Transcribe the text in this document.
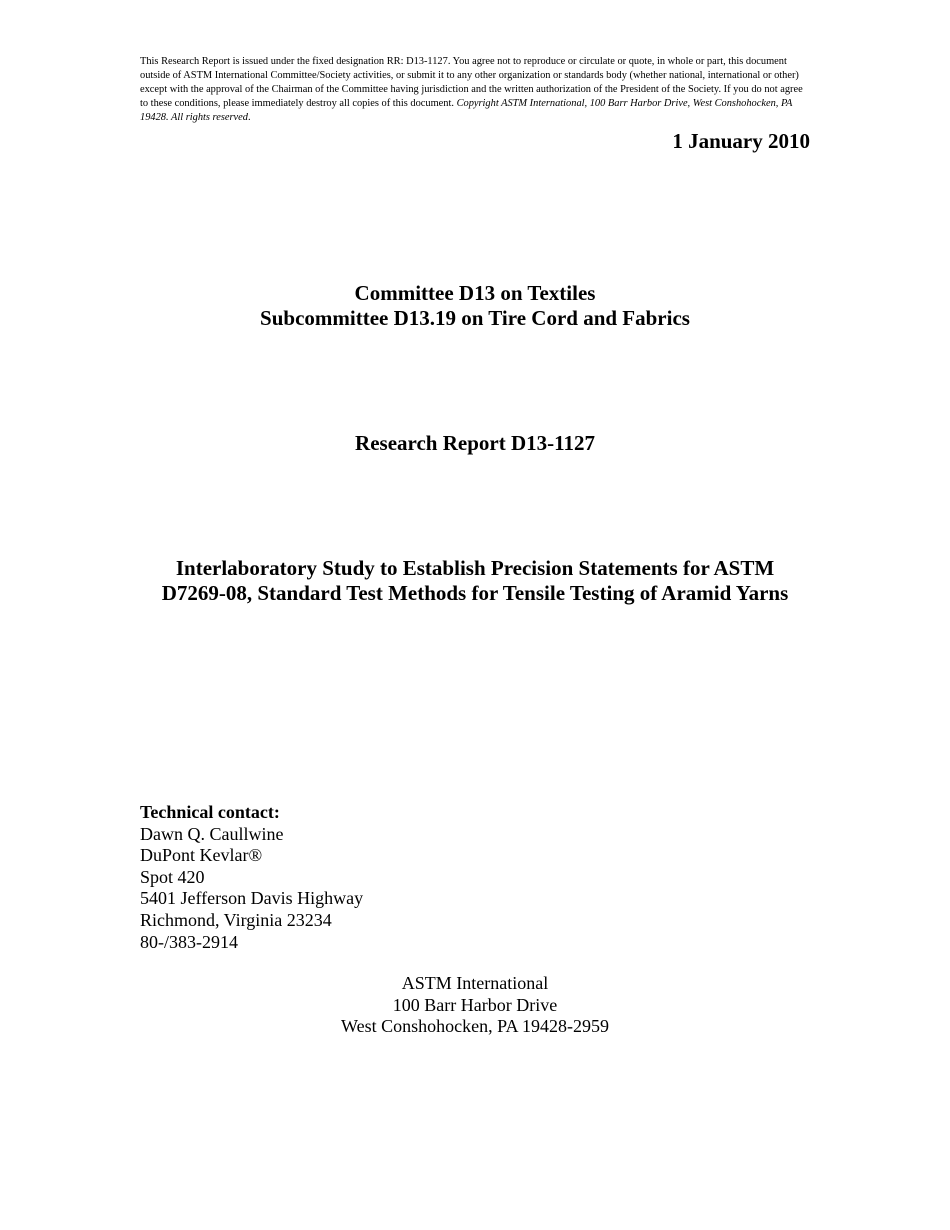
This Research Report is issued under the fixed designation RR: D13-1127. You agree not to reproduce or circulate or quote, in whole or part, this document outside of ASTM International Committee/Society activities, or submit it to any other organization or standards body (whether national, international or other) except with the approval of the Chairman of the Committee having jurisdiction and the written authorization of the President of the Society. If you do not agree to these conditions, please immediately destroy all copies of this document. Copyright ASTM International, 100 Barr Harbor Drive, West Conshohocken, PA 19428. All rights reserved.

1 January 2010

Committee D13 on Textiles
Subcommittee D13.19 on Tire Cord and Fabrics

Research Report D13-1127

Interlaboratory Study to Establish Precision Statements for ASTM
D7269-08, Standard Test Methods for Tensile Testing of Aramid Yarns
Technical contact:
Dawn Q. Caullwine
DuPont Kevlar®
Spot 420
5401 Jefferson Davis Highway
Richmond, Virginia 23234
80-/383-2914
ASTM International
100 Barr Harbor Drive
West Conshohocken, PA 19428-2959
